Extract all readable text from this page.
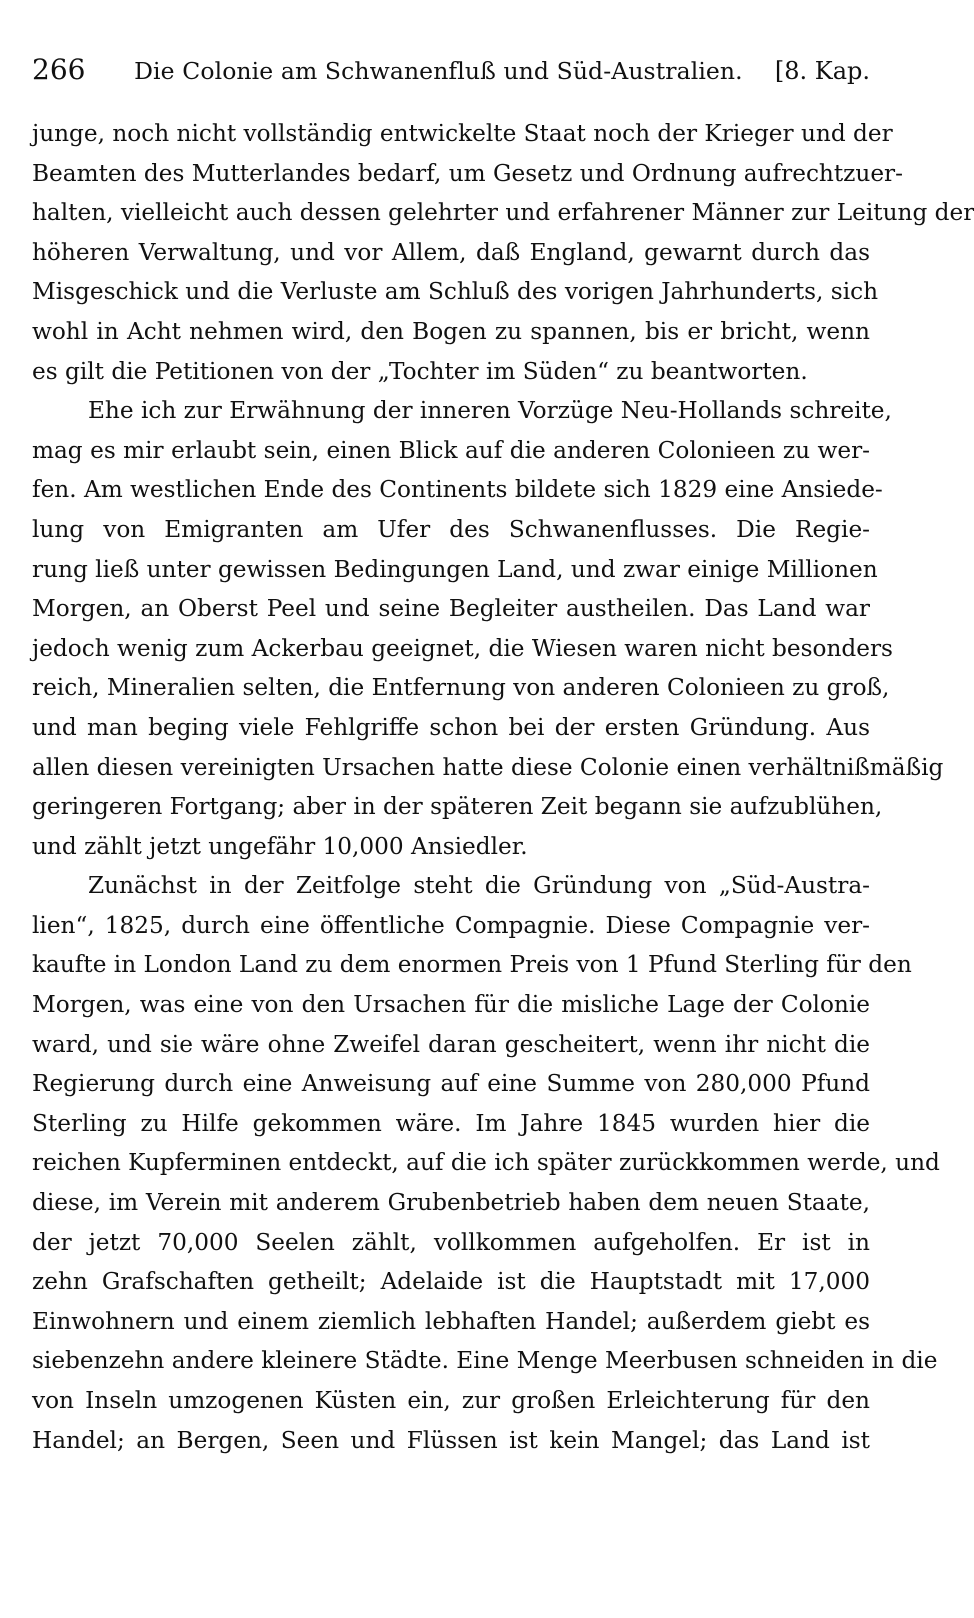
266	Die Colonie am Schwanenfluß und Süd-Australien.	[8. Kap.
junge, noch nicht vollständig entwickelte Staat noch der Krieger und der
Beamten des Mutterlandes bedarf, um Gesetz und Ordnung aufrechtzuer-
halten, vielleicht auch dessen gelehrter und erfahrener Männer zur Leitung der
höheren Verwaltung, und vor Allem, daß England, gewarnt durch das
Misgeschick und die Verluste am Schluß des vorigen Jahrhunderts, sich
wohl in Acht nehmen wird, den Bogen zu spannen, bis er bricht, wenn
es gilt die Petitionen von der „Tochter im Süden“ zu beantworten.
Ehe ich zur Erwähnung der inneren Vorzüge Neu-Hollands schreite,
mag es mir erlaubt sein, einen Blick auf die anderen Colonieen zu wer-
fen. Am westlichen Ende des Continents bildete sich 1829 eine Ansiede-
lung von Emigranten am Ufer des Schwanenflusses. Die Regie-
rung ließ unter gewissen Bedingungen Land, und zwar einige Millionen
Morgen, an Oberst Peel und seine Begleiter austheilen. Das Land war
jedoch wenig zum Ackerbau geeignet, die Wiesen waren nicht besonders
reich, Mineralien selten, die Entfernung von anderen Colonieen zu groß,
und man beging viele Fehlgriffe schon bei der ersten Gründung. Aus
allen diesen vereinigten Ursachen hatte diese Colonie einen verhältnißmäßig
geringeren Fortgang; aber in der späteren Zeit begann sie aufzublühen,
und zählt jetzt ungefähr 10,000 Ansiedler.
Zunächst in der Zeitfolge steht die Gründung von „Süd-Austra-
lien“, 1825, durch eine öffentliche Compagnie. Diese Compagnie ver-
kaufte in London Land zu dem enormen Preis von 1 Pfund Sterling für den
Morgen, was eine von den Ursachen für die misliche Lage der Colonie
ward, und sie wäre ohne Zweifel daran gescheitert, wenn ihr nicht die
Regierung durch eine Anweisung auf eine Summe von 280,000 Pfund
Sterling zu Hilfe gekommen wäre. Im Jahre 1845 wurden hier die
reichen Kupferminen entdeckt, auf die ich später zurückkommen werde, und
diese, im Verein mit anderem Grubenbetrieb haben dem neuen Staate,
der jetzt 70,000 Seelen zählt, vollkommen aufgeholfen. Er ist in
zehn Grafschaften getheilt; Adelaide ist die Hauptstadt mit 17,000
Einwohnern und einem ziemlich lebhaften Handel; außerdem giebt es
siebenzehn andere kleinere Städte. Eine Menge Meerbusen schneiden in die
von Inseln umzogenen Küsten ein, zur großen Erleichterung für den
Handel; an Bergen, Seen und Flüssen ist kein Mangel; das Land ist
